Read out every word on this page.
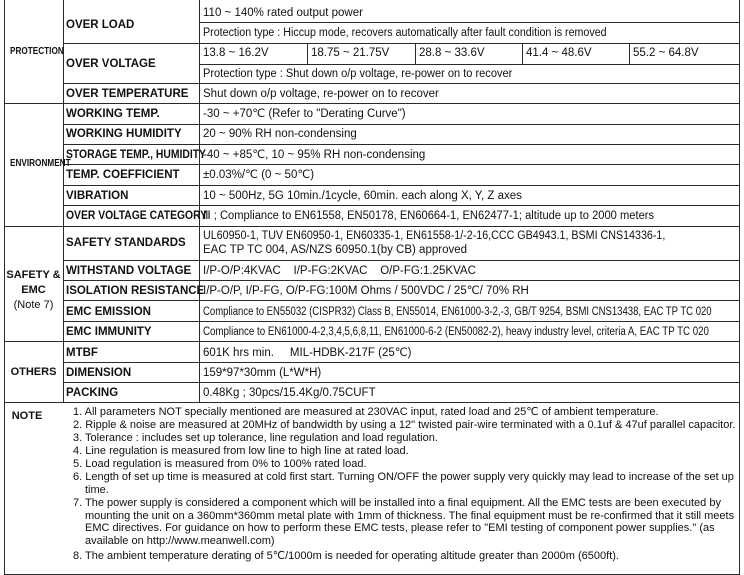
PROTECTION
ENVIRONMENT
SAFETY &
EMC
(Note 7)
OTHERS
NOTE
OVER LOAD
110 ~ 140% rated output power
Protection type : Hiccup mode, recovers automatically after fault condition is removed
OVER VOLTAGE
13.8 ~ 16.2V	18.75 ~ 21.75V	28.8 ~ 33.6V	41.4 ~ 48.6V	55.2 ~ 64.8V
Protection type : Shut down o/p voltage, re-power on to recover
OVER TEMPERATURE Shut down o/p voltage, re-power on to recover
WORKING TEMP.	-30 ~ +70℃ (Refer to "Derating Curve")
WORKING HUMIDITY 20 ~ 90% RH non-condensing
STORAGE TEMP., HUMIDITY
-40 ~ +85℃, 10 ~ 95% RH non-condensing
TEMP. COEFFICIENT ±0.03%/℃ (0 ~ 50℃)
VIBRATION	10 ~ 500Hz, 5G 10min./1cycle, 60min. each along X, Y, Z axes
OVER VOLTAGE CATEGORY
Ⅲ ; Compliance to EN61558, EN50178, EN60664-1, EN62477-1; altitude up to 2000 meters
SAFETY STANDARDS
UL60950-1, TUV EN60950-1, EN60335-1, EN61558-1/-2-16,CCC GB4943.1, BSMI CNS14336-1,
EAC TP TC 004, AS/NZS 60950.1(by CB) approved
WITHSTAND VOLTAGE I/P-O/P:4KVAC    I/P-FG:2KVAC    O/P-FG:1.25KVAC
ISOLATION RESISTANCE
I/P-O/P, I/P-FG, O/P-FG:100M Ohms / 500VDC / 25℃/ 70% RH
EMC EMISSION	Compliance to EN55032 (CISPR32) Class B, EN55014, EN61000-3-2,-3, GB/T 9254, BSMI CNS13438, EAC TP TC 020
EMC IMMUNITY	Compliance to EN61000-4-2,3,4,5,6,8,11, EN61000-6-2 (EN50082-2), heavy industry level, criteria A, EAC TP TC 020
MTBF	601K hrs min.     MIL-HDBK-217F (25℃)
DIMENSION	159*97*30mm (L*W*H)
PACKING	0.48Kg ; 30pcs/15.4Kg/0.75CUFT
1. All parameters NOT specially mentioned are measured at 230VAC input, rated load and 25℃ of ambient temperature.
2. Ripple & noise are measured at 20MHz of bandwidth by using a 12" twisted pair-wire terminated with a 0.1uf & 47uf parallel capacitor.
3. Tolerance : includes set up tolerance, line regulation and load regulation.
4. Line regulation is measured from low line to high line at rated load.
5. Load regulation is measured from 0% to 100% rated load.
6. Length of set up time is measured at cold first start. Turning ON/OFF the power supply very quickly may lead to increase of the set up time.
7. The power supply is considered a component which will be installed into a final equipment. All the EMC tests are been executed by mounting the unit on a 360mm*360mm metal plate with 1mm of thickness. The final equipment must be re-confirmed that it still meets EMC directives. For guidance on how to perform these EMC tests, please refer to "EMI testing of component power supplies." (as available on http://www.meanwell.com)
8. The ambient temperature derating of 5℃/1000m is needed for operating altitude greater than 2000m (6500ft).
